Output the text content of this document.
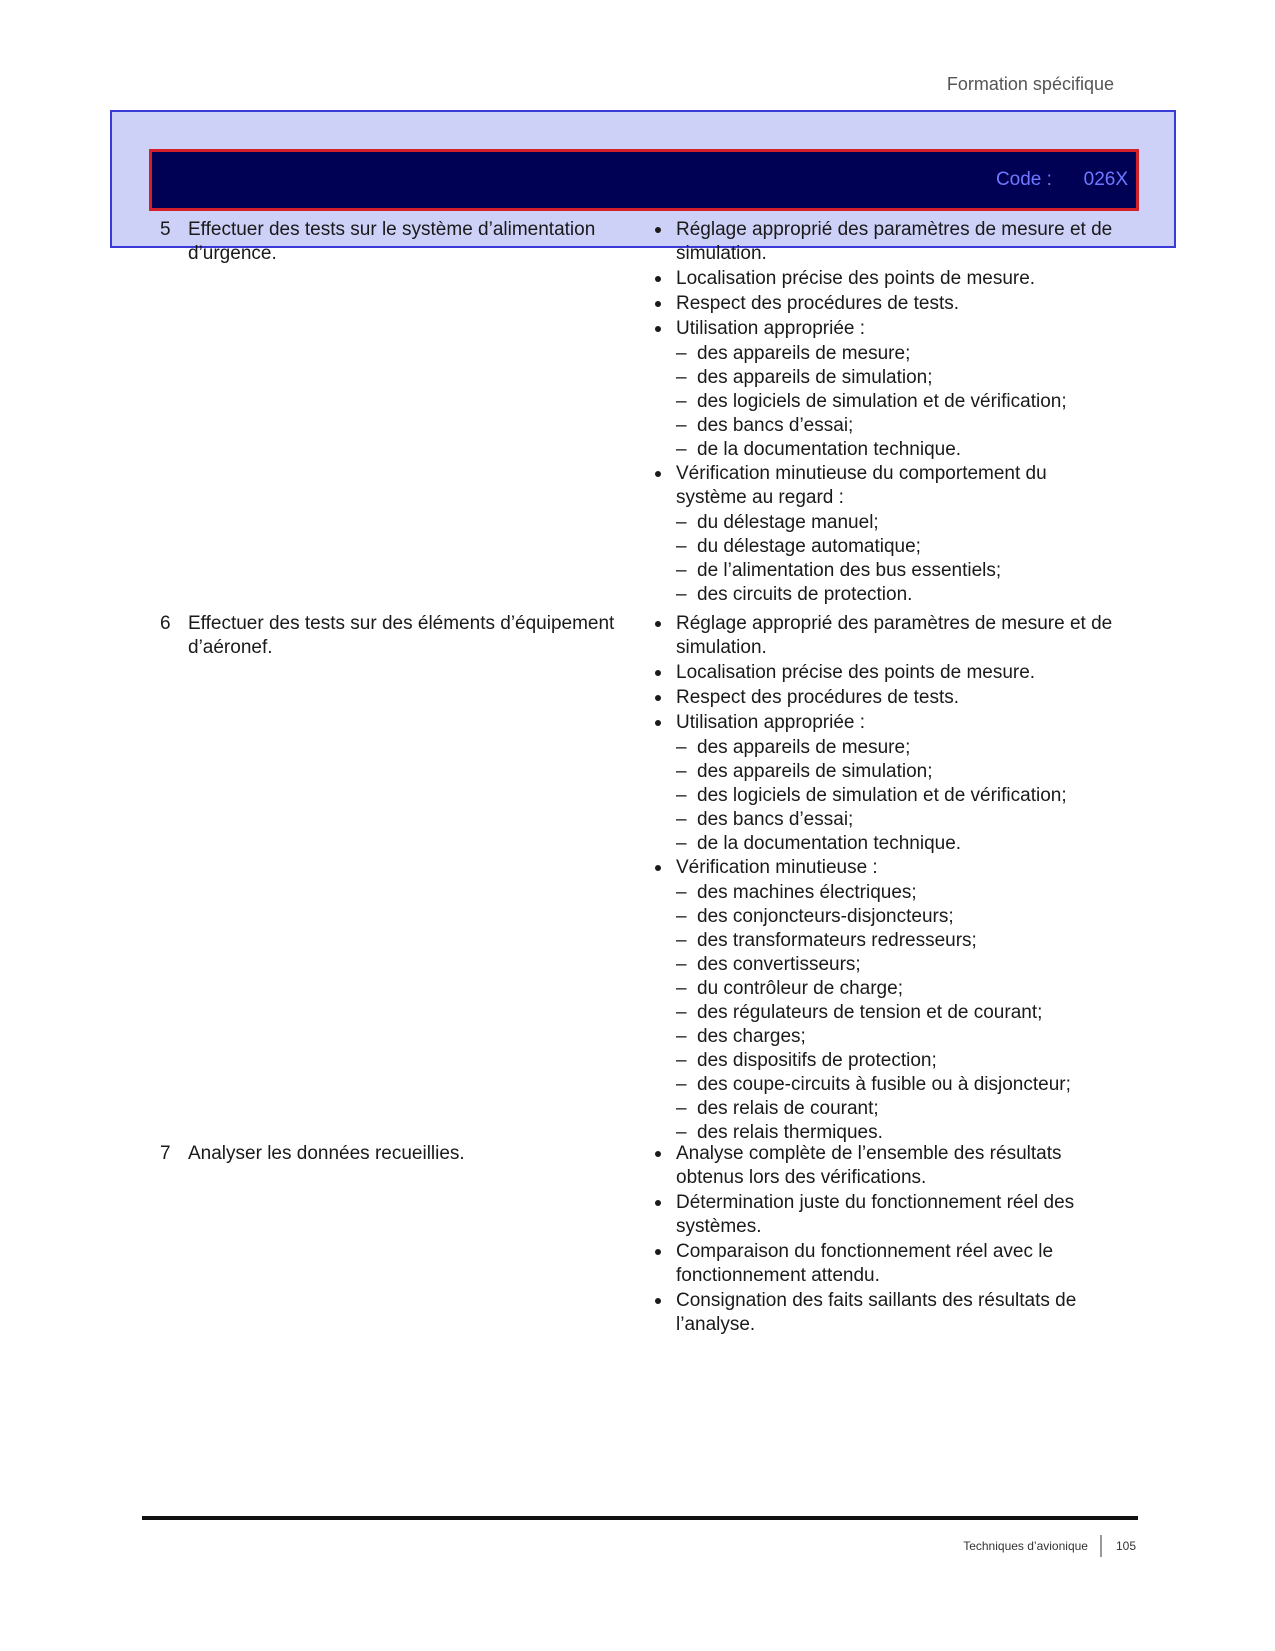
Formation spécifique
Code : 026X
5 Effectuer des tests sur le système d’alimentation d’urgence.
Réglage approprié des paramètres de mesure et de simulation.
Localisation précise des points de mesure.
Respect des procédures de tests.
Utilisation appropriée :
– des appareils de mesure;
– des appareils de simulation;
– des logiciels de simulation et de vérification;
– des bancs d’essai;
– de la documentation technique.
Vérification minutieuse du comportement du système au regard :
– du délestage manuel;
– du délestage automatique;
– de l’alimentation des bus essentiels;
– des circuits de protection.
6 Effectuer des tests sur des éléments d’équipement d’aéronef.
Réglage approprié des paramètres de mesure et de simulation.
Localisation précise des points de mesure.
Respect des procédures de tests.
Utilisation appropriée :
– des appareils de mesure;
– des appareils de simulation;
– des logiciels de simulation et de vérification;
– des bancs d’essai;
– de la documentation technique.
Vérification minutieuse :
– des machines électriques;
– des conjoncteurs-disjoncteurs;
– des transformateurs redresseurs;
– des convertisseurs;
– du contrôleur de charge;
– des régulateurs de tension et de courant;
– des charges;
– des dispositifs de protection;
– des coupe-circuits à fusible ou à disjoncteur;
– des relais de courant;
– des relais thermiques.
7 Analyser les données recueillies.	Analyse complète de l’ensemble des résultats obtenus lors des vérifications.
Détermination juste du fonctionnement réel des systèmes.
Comparaison du fonctionnement réel avec le fonctionnement attendu.
Consignation des faits saillants des résultats de l’analyse.
Techniques d’avionique 105
